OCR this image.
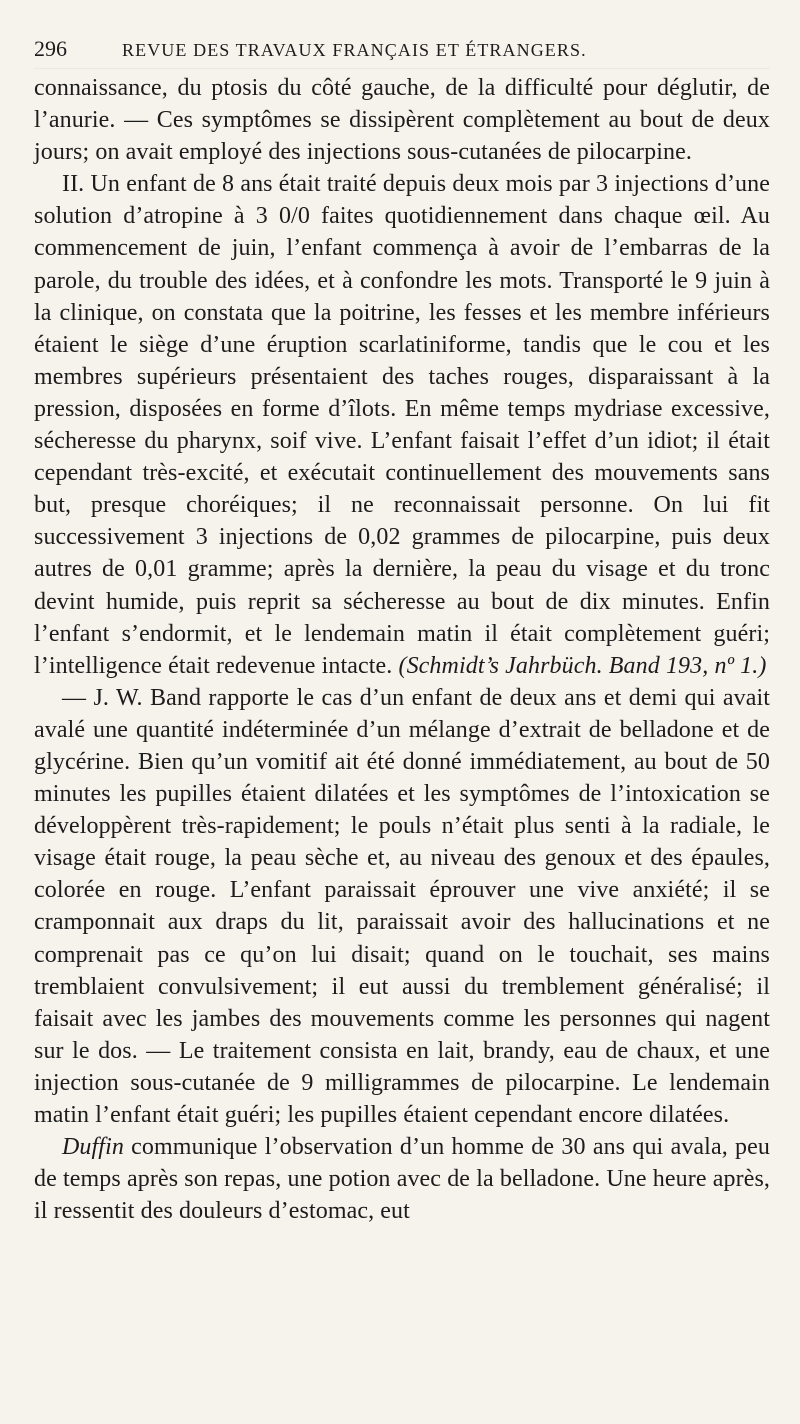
296	REVUE DES TRAVAUX FRANÇAIS ET ÉTRANGERS.

connaissance, du ptosis du côté gauche, de la difficulté pour déglutir, de l’anurie. — Ces symptômes se dissipèrent complètement au bout de deux jours; on avait employé des injections sous-cutanées de pilocarpine.

II. Un enfant de 8 ans était traité depuis deux mois par 3 injections d’une solution d’atropine à 3 0/0 faites quotidiennement dans chaque œil. Au commencement de juin, l’enfant commença à avoir de l’embarras de la parole, du trouble des idées, et à confondre les mots. Transporté le 9 juin à la clinique, on constata que la poitrine, les fesses et les membre inférieurs étaient le siège d’une éruption scarlatiniforme, tandis que le cou et les membres supérieurs présentaient des taches rouges, disparaissant à la pression, disposées en forme d’îlots. En même temps mydriase excessive, sécheresse du pharynx, soif vive. L’enfant faisait l’effet d’un idiot; il était cependant très-excité, et exécutait continuellement des mouvements sans but, presque choréiques; il ne reconnaissait personne. On lui fit successivement 3 injections de 0,02 grammes de pilocarpine, puis deux autres de 0,01 gramme; après la dernière, la peau du visage et du tronc devint humide, puis reprit sa sécheresse au bout de dix minutes. Enfin l’enfant s’endormit, et le lendemain matin il était complètement guéri; l’intelligence était redevenue intacte. (Schmidt’s Jahrbüch. Band 193, nº 1.)

— J. W. Band rapporte le cas d’un enfant de deux ans et demi qui avait avalé une quantité indéterminée d’un mélange d’extrait de belladone et de glycérine. Bien qu’un vomitif ait été donné immédiatement, au bout de 50 minutes les pupilles étaient dilatées et les symptômes de l’intoxication se développèrent très-rapidement; le pouls n’était plus senti à la radiale, le visage était rouge, la peau sèche et, au niveau des genoux et des épaules, colorée en rouge. L’enfant paraissait éprouver une vive anxiété; il se cramponnait aux draps du lit, paraissait avoir des hallucinations et ne comprenait pas ce qu’on lui disait; quand on le touchait, ses mains tremblaient convulsivement; il eut aussi du tremblement généralisé; il faisait avec les jambes des mouvements comme les personnes qui nagent sur le dos. — Le traitement consista en lait, brandy, eau de chaux, et une injection sous-cutanée de 9 milligrammes de pilocarpine. Le lendemain matin l’enfant était guéri; les pupilles étaient cependant encore dilatées.

Duffin communique l’observation d’un homme de 30 ans qui avala, peu de temps après son repas, une potion avec de la belladone. Une heure après, il ressentit des douleurs d’estomac, eut
